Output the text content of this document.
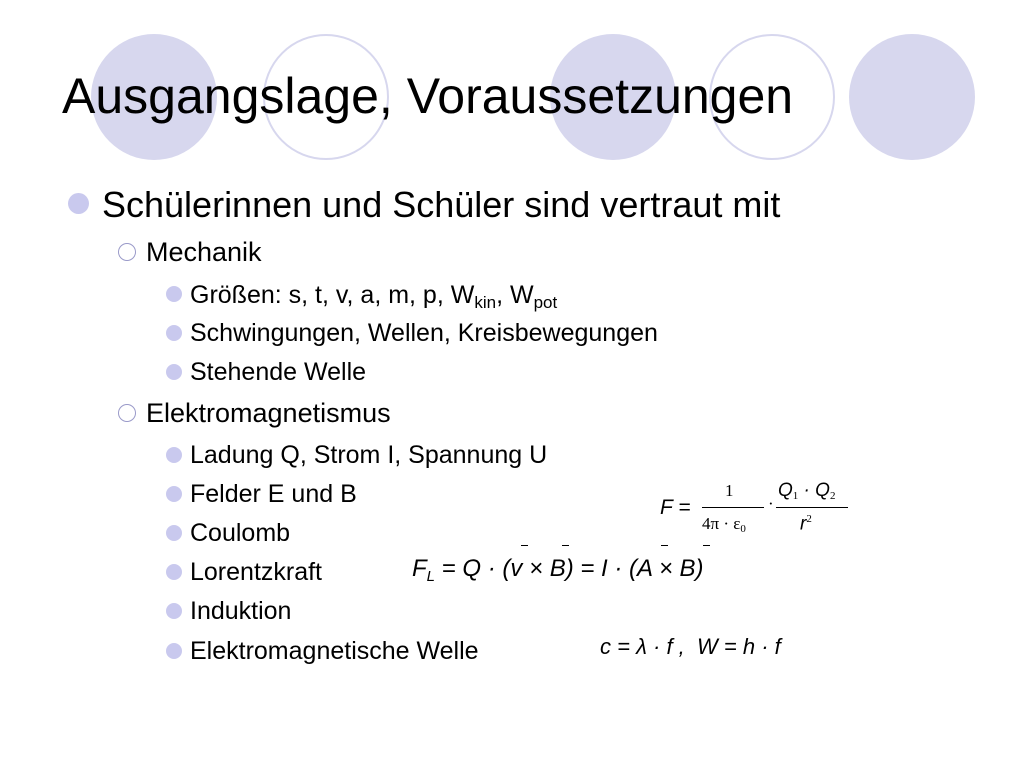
Ausgangslage, Voraussetzungen
Schülerinnen und Schüler sind vertraut mit
Mechanik
Größen: s, t, v, a, m, p, $W_{kin}$, $W_{pot}$
Schwingungen, Wellen, Kreisbewegungen
Stehende Welle
Elektromagnetismus
Ladung Q, Strom I, Spannung U
Felder E und B
Coulomb
Lorentzkraft
Induktion
Elektromagnetische Welle
F =
1
$4\pi \cdot \varepsilon_0$
·
$Q_1 \cdot Q_2$
$r^2$
$F_L = Q \cdot (v \times B) = I \cdot (A \times B)$
c = λ · f ,  W = h · f
